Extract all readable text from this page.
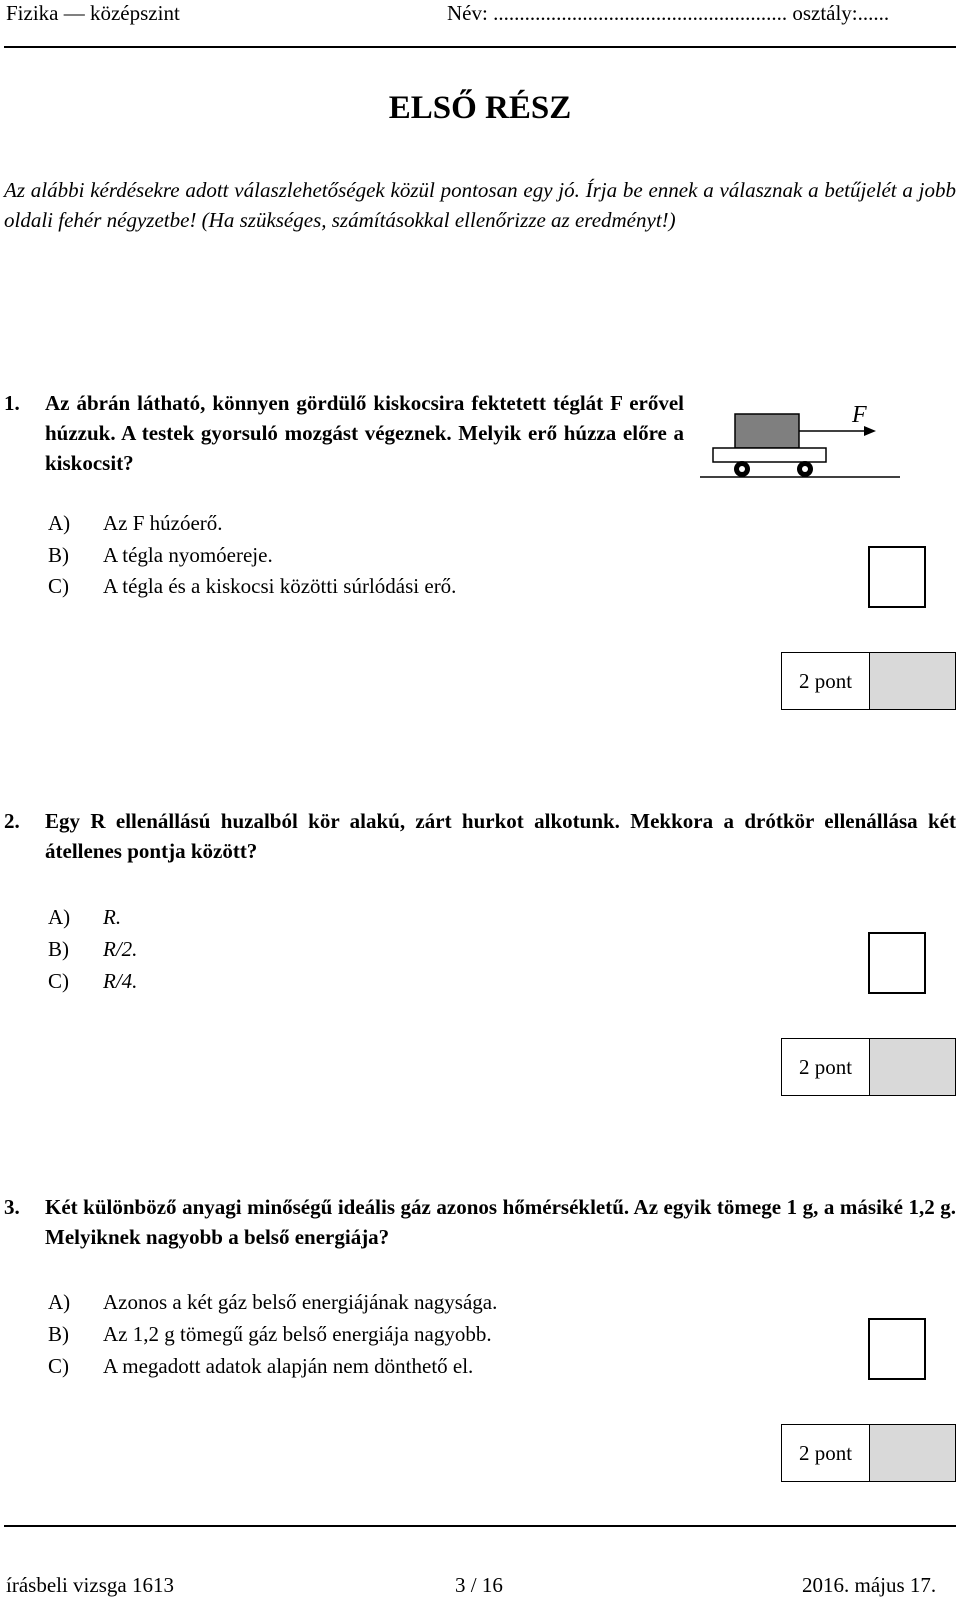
Fizika — középszint	Név: ........................................................ osztály:......
ELSŐ RÉSZ
Az alábbi kérdésekre adott válaszlehetőségek közül pontosan egy jó. Írja be ennek a válasznak a betűjelét a jobb oldali fehér négyzetbe! (Ha szükséges, számításokkal ellenőrizze az eredményt!)
1. Az ábrán látható, könnyen gördülő kiskocsira fektetett téglát F erővel húzzuk. A testek gyorsuló mozgást végeznek. Melyik erő húzza előre a kiskocsit?
F
A) Az F húzóerő.
B) A tégla nyomóereje.
C) A tégla és a kiskocsi közötti súrlódási erő.
2 pont
2. Egy R ellenállású huzalból kör alakú, zárt hurkot alkotunk. Mekkora a drótkör ellenállása két átellenes pontja között?
A) R.
B) R/2.
C) R/4.
2 pont
3. Két különböző anyagi minőségű ideális gáz azonos hőmérsékletű. Az egyik tömege 1 g, a másiké 1,2 g. Melyiknek nagyobb a belső energiája?
A) Azonos a két gáz belső energiájának nagysága.
B) Az 1,2 g tömegű gáz belső energiája nagyobb.
C) A megadott adatok alapján nem dönthető el.
2 pont
írásbeli vizsga 1613	3 / 16	2016. május 17.
